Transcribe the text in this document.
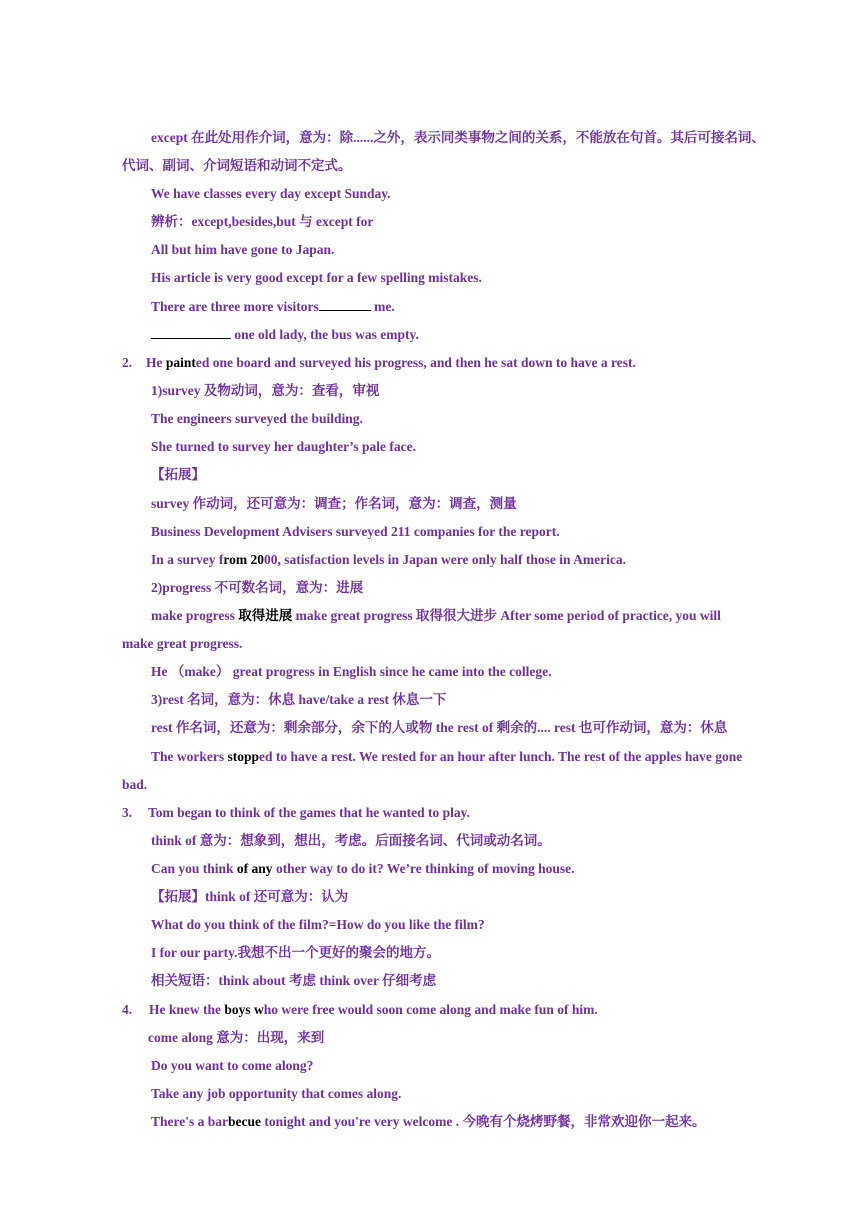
except 在此处用作介词，意为：除......之外，表示同类事物之间的关系，不能放在句首。其后可接名词、
代词、副词、介词短语和动词不定式。
We have classes every day except Sunday.
辨析：except,besides,but 与 except for
All but him have gone to Japan.
His article is very good except for a few spelling mistakes.
There are three more visitors	me.
one old lady, the bus was empty.
2. He painted one board and surveyed his progress, and then he sat down to have a rest.
1)survey 及物动词，意为：查看，审视
The engineers surveyed the building.
She turned to survey her daughter’s pale face.
【拓展】
survey 作动词，还可意为：调查；作名词，意为：调查，测量
Business Development Advisers surveyed 211 companies for the report.
In a survey from 2000, satisfaction levels in Japan were only half those in America.
2)progress 不可数名词，意为：进展
make progress 取得进展 make great progress 取得很大进步 After some period of practice, you will
make great progress.
He （make） great progress in English since he came into the college.
3)rest 名词，意为：休息 have/take a rest 休息一下
rest 作名词，还意为：剩余部分，余下的人或物 the rest of 剩余的.... rest 也可作动词，意为：休息
The workers stopped to have a rest. We rested for an hour after lunch. The rest of the apples have gone
bad.
3. Tom began to think of the games that he wanted to play.
think of 意为：想象到，想出，考虑。后面接名词、代词或动名词。
Can you think of any other way to do it? We’re thinking of moving house.
【拓展】think of 还可意为：认为
What do you think of the film?=How do you like the film?
I for our party.我想不出一个更好的聚会的地方。
相关短语：think about 考虑 think over 仔细考虑
4. He knew the boys who were free would soon come along and make fun of him.
come along 意为：出现，来到
Do you want to come along?
Take any job opportunity that comes along.
There's a barbecue tonight and you're very welcome . 今晚有个烧烤野餐，非常欢迎你一起来。
